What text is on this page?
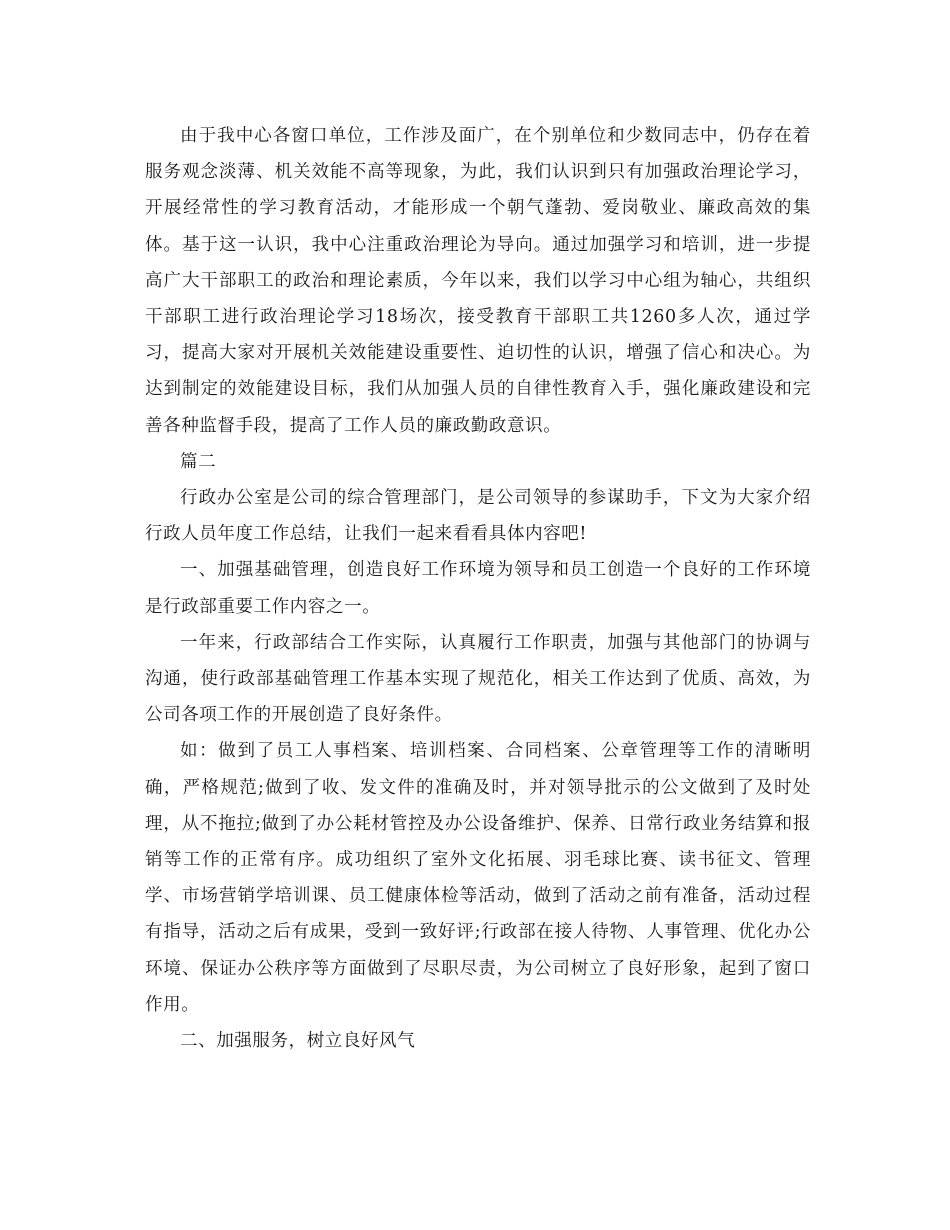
由于我中心各窗口单位，工作涉及面广，在个别单位和少数同志中，仍存在着服务观念淡薄、机关效能不高等现象，为此，我们认识到只有加强政治理论学习，开展经常性的学习教育活动，才能形成一个朝气蓬勃、爱岗敬业、廉政高效的集体。基于这一认识，我中心注重政治理论为导向。通过加强学习和培训，进一步提高广大干部职工的政治和理论素质，今年以来，我们以学习中心组为轴心，共组织干部职工进行政治理论学习18场次，接受教育干部职工共1260多人次，通过学习，提高大家对开展机关效能建设重要性、迫切性的认识，增强了信心和决心。为达到制定的效能建设目标，我们从加强人员的自律性教育入手，强化廉政建设和完善各种监督手段，提高了工作人员的廉政勤政意识。

篇二

行政办公室是公司的综合管理部门，是公司领导的参谋助手，下文为大家介绍行政人员年度工作总结，让我们一起来看看具体内容吧!

一、加强基础管理，创造良好工作环境为领导和员工创造一个良好的工作环境是行政部重要工作内容之一。

一年来，行政部结合工作实际，认真履行工作职责，加强与其他部门的协调与沟通，使行政部基础管理工作基本实现了规范化，相关工作达到了优质、高效，为公司各项工作的开展创造了良好条件。

如：做到了员工人事档案、培训档案、合同档案、公章管理等工作的清晰明确，严格规范;做到了收、发文件的准确及时，并对领导批示的公文做到了及时处理，从不拖拉;做到了办公耗材管控及办公设备维护、保养、日常行政业务结算和报销等工作的正常有序。成功组织了室外文化拓展、羽毛球比赛、读书征文、管理学、市场营销学培训课、员工健康体检等活动，做到了活动之前有准备，活动过程有指导，活动之后有成果，受到一致好评;行政部在接人待物、人事管理、优化办公环境、保证办公秩序等方面做到了尽职尽责，为公司树立了良好形象，起到了窗口作用。

二、加强服务，树立良好风气
